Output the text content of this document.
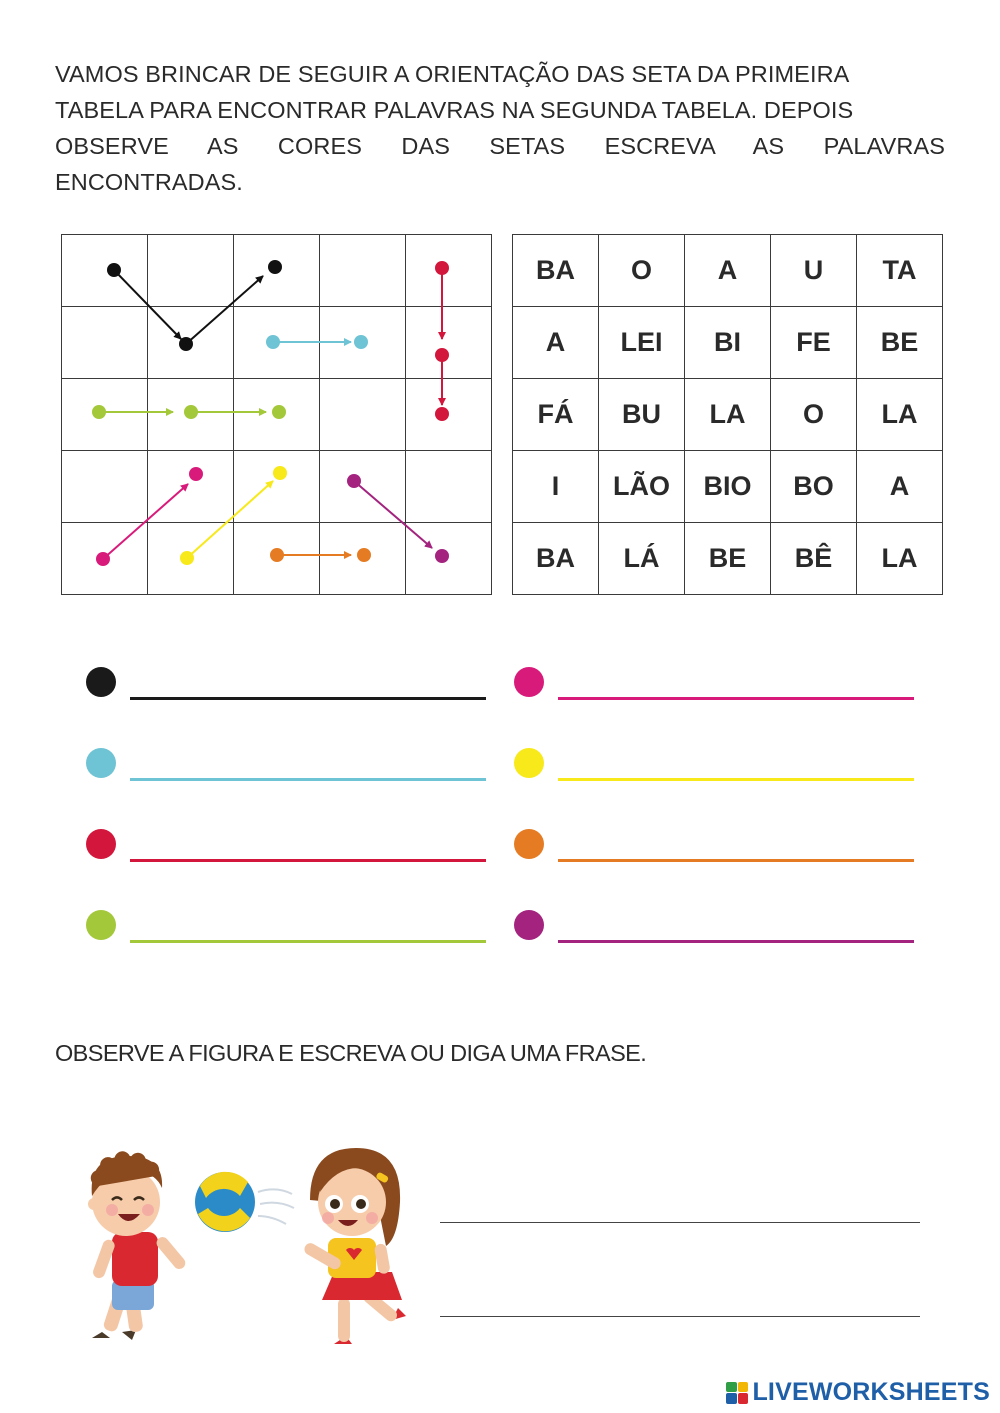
VAMOS BRINCAR DE SEGUIR A ORIENTAÇÃO DAS SETA DA PRIMEIRA
TABELA PARA ENCONTRAR PALAVRAS NA SEGUNDA TABELA. DEPOIS
OBSERVE AS CORES DAS SETAS ESCREVA AS PALAVRAS
ENCONTRADAS.

BA	O	A	U	TA
A	LEI	BI	FE	BE
FÁ	BU	LA	O	LA
I	LÃO	BIO	BO	A
BA	LÁ	BE	BÊ	LA
OBSERVE A FIGURA E ESCREVA OU DIGA UMA FRASE.
LIVEWORKSHEETS
